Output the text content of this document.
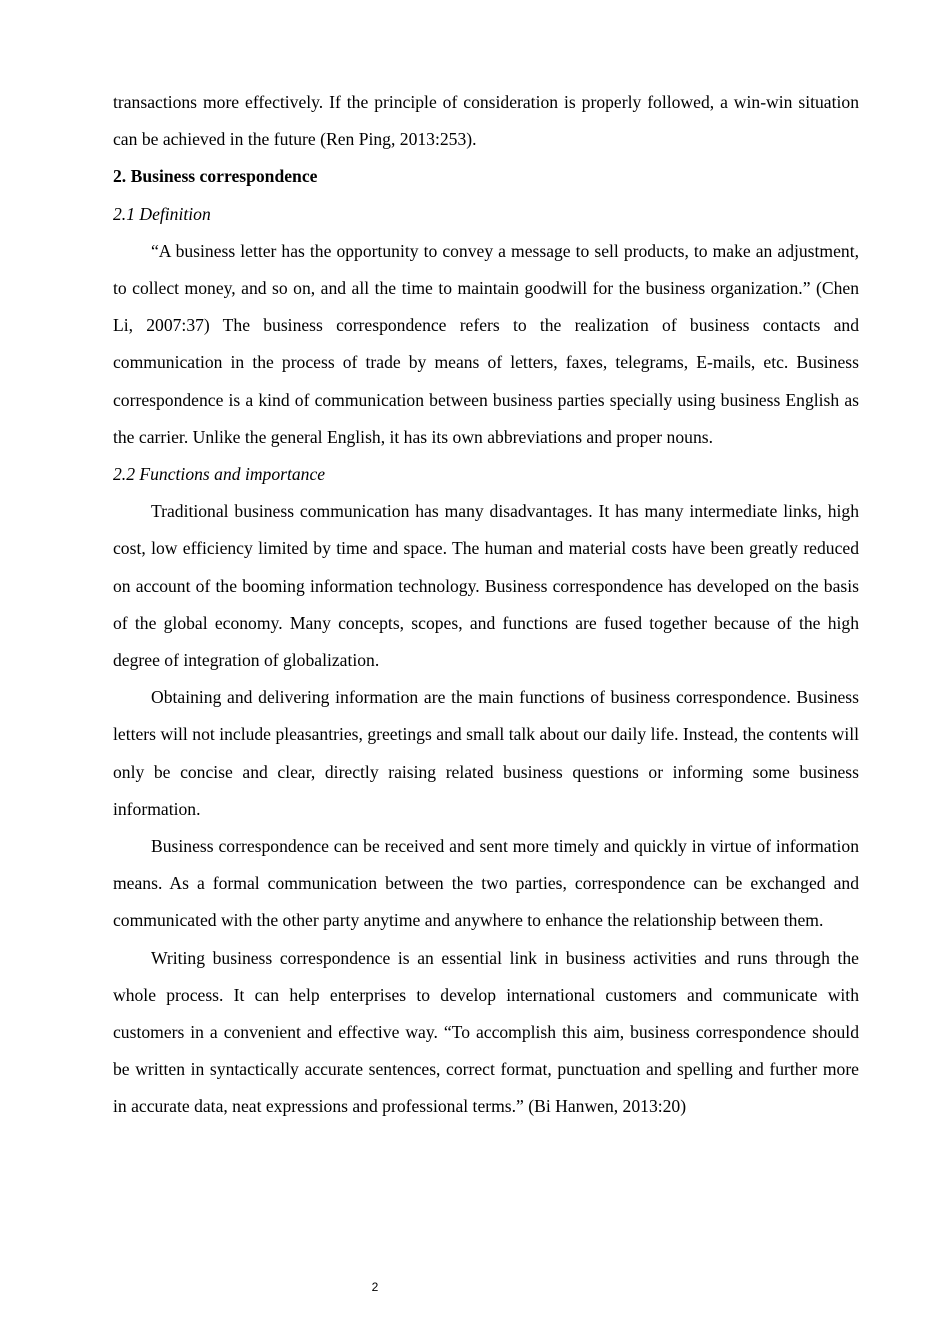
transactions more effectively. If the principle of consideration is properly followed, a win-win situation can be achieved in the future (Ren Ping, 2013:253).

2. Business correspondence

2.1 Definition

“A business letter has the opportunity to convey a message to sell products, to make an adjustment, to collect money, and so on, and all the time to maintain goodwill for the business organization.” (Chen Li, 2007:37) The business correspondence refers to the realization of business contacts and communication in the process of trade by means of letters, faxes, telegrams, E-mails, etc. Business correspondence is a kind of communication between business parties specially using business English as the carrier. Unlike the general English, it has its own abbreviations and proper nouns.

2.2 Functions and importance

Traditional business communication has many disadvantages. It has many intermediate links, high cost, low efficiency limited by time and space. The human and material costs have been greatly reduced on account of the booming information technology. Business correspondence has developed on the basis of the global economy. Many concepts, scopes, and functions are fused together because of the high degree of integration of globalization.

Obtaining and delivering information are the main functions of business correspondence. Business letters will not include pleasantries, greetings and small talk about our daily life. Instead, the contents will only be concise and clear, directly raising related business questions or informing some business information.

Business correspondence can be received and sent more timely and quickly in virtue of information means. As a formal communication between the two parties, correspondence can be exchanged and communicated with the other party anytime and anywhere to enhance the relationship between them.

Writing business correspondence is an essential link in business activities and runs through the whole process. It can help enterprises to develop international customers and communicate with customers in a convenient and effective way. “To accomplish this aim, business correspondence should be written in syntactically accurate sentences, correct format, punctuation and spelling and further more in accurate data, neat expressions and professional terms.” (Bi Hanwen, 2013:20)

2
